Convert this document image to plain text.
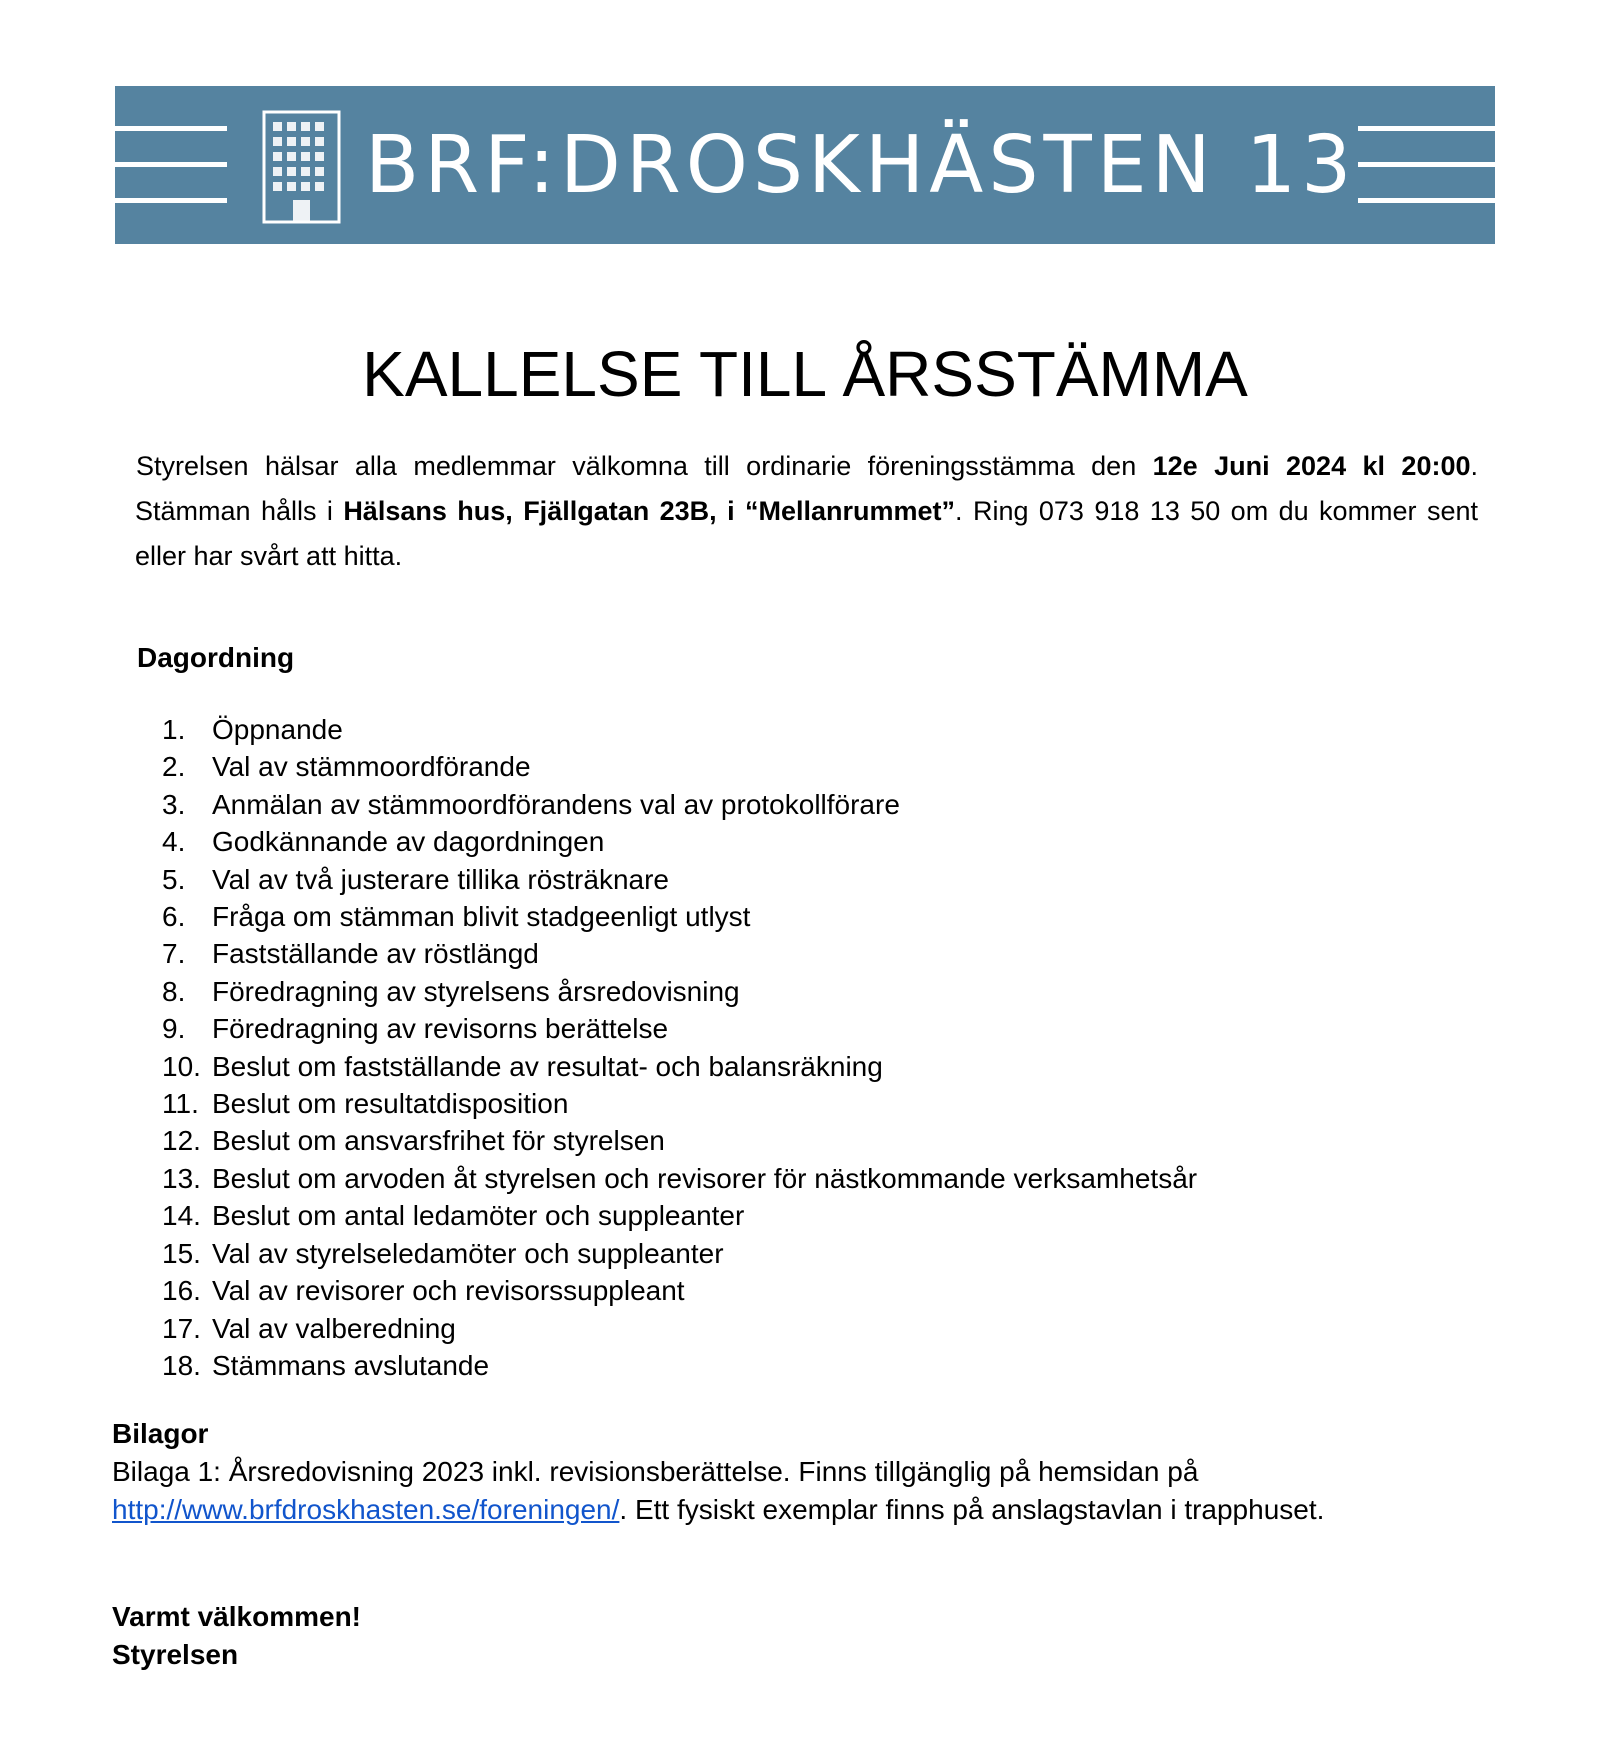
BRF:DROSKHÄSTEN 13
KALLELSE TILL ÅRSSTÄMMA

Styrelsen hälsar alla medlemmar välkomna till ordinarie föreningsstämma den 12e Juni 2024 kl 20:00. Stämman hålls i Hälsans hus, Fjällgatan 23B, i “Mellanrummet”. Ring 073 918 13 50 om du kommer sent eller har svårt att hitta.

Dagordning
1. Öppnande
2. Val av stämmoordförande
3. Anmälan av stämmoordförandens val av protokollförare
4. Godkännande av dagordningen
5. Val av två justerare tillika rösträknare
6. Fråga om stämman blivit stadgeenligt utlyst
7. Fastställande av röstlängd
8. Föredragning av styrelsens årsredovisning
9. Föredragning av revisorns berättelse
10. Beslut om fastställande av resultat- och balansräkning
11. Beslut om resultatdisposition
12. Beslut om ansvarsfrihet för styrelsen
13. Beslut om arvoden åt styrelsen och revisorer för nästkommande verksamhetsår
14. Beslut om antal ledamöter och suppleanter
15. Val av styrelseledamöter och suppleanter
16. Val av revisorer och revisorssuppleant
17. Val av valberedning
18. Stämmans avslutande
Bilagor

Bilaga 1: Årsredovisning 2023 inkl. revisionsberättelse. Finns tillgänglig på hemsidan på http://www.brfdroskhasten.se/foreningen/. Ett fysiskt exemplar finns på anslagstavlan i trapphuset.

Varmt välkommen!
Styrelsen
